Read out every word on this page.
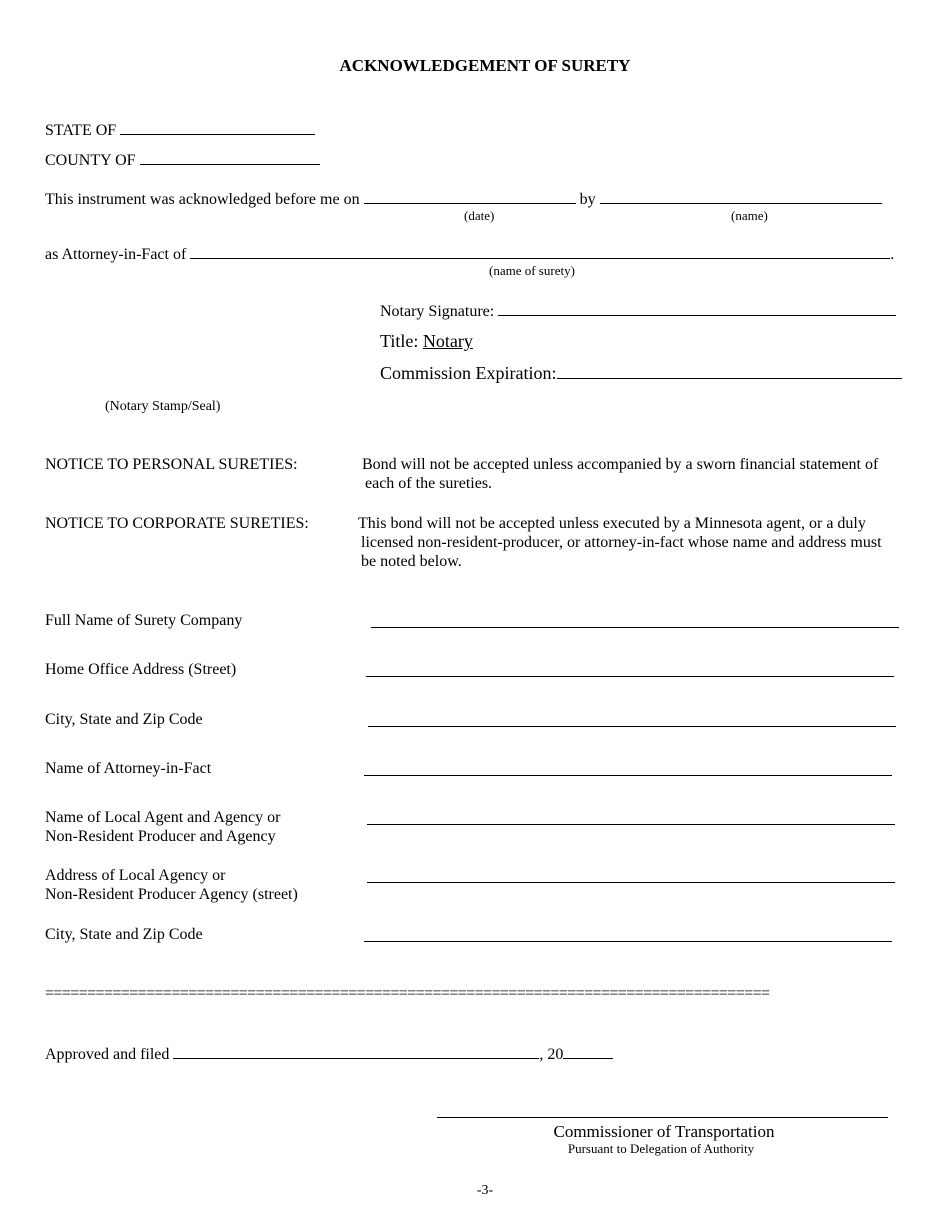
ACKNOWLEDGEMENT OF SURETY
STATE OF
COUNTY OF
This instrument was acknowledged before me on	by
(date)	(name)
as Attorney-in-Fact of	.
(name of surety)
Notary Signature:
Title: Notary
Commission Expiration:
(Notary Stamp/Seal)
NOTICE TO PERSONAL SURETIES:	Bond will not be accepted unless accompanied by a sworn financial statement of
each of the sureties.
NOTICE TO CORPORATE SURETIES:	This bond will not be accepted unless executed by a Minnesota agent, or a duly
licensed non-resident-producer, or attorney-in-fact whose name and address must
be noted below.
Full Name of Surety Company
Home Office Address (Street)
City, State and Zip Code
Name of Attorney-in-Fact
Name of Local Agent and Agency or
Non-Resident Producer and Agency
Address of Local Agency or
Non-Resident Producer Agency (street)
City, State and Zip Code
======================================================================================
Approved and filed	, 20
Commissioner of Transportation
Pursuant to Delegation of Authority
-3-
